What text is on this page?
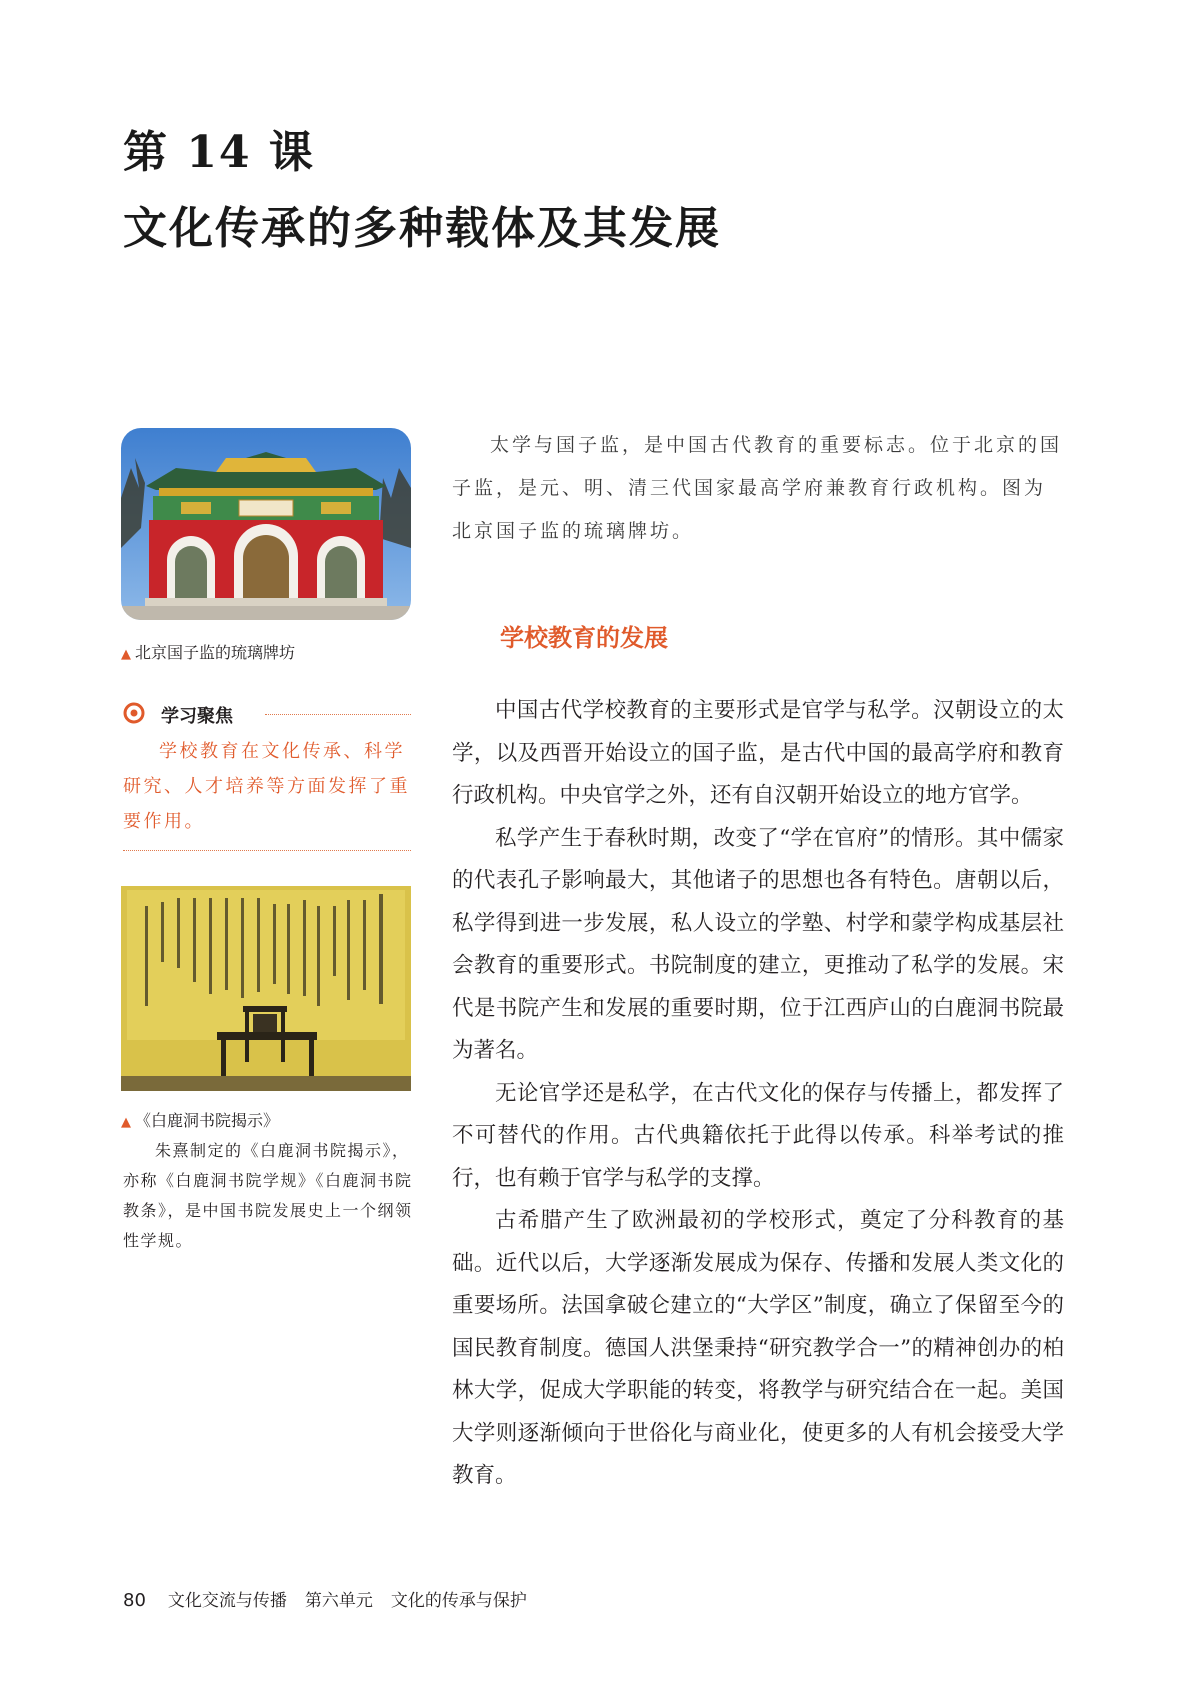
第 14 课
文化传承的多种载体及其发展
▲ 北京国子监的琉璃牌坊
学习聚焦

学校教育在文化传承、科学研究、人才培养等方面发挥了重要作用。

▲ 《白鹿洞书院揭示》

朱熹制定的《白鹿洞书院揭示》，亦称《白鹿洞书院学规》《白鹿洞书院教条》，是中国书院发展史上一个纲领性学规。

太学与国子监，是中国古代教育的重要标志。位于北京的国子监，是元、明、清三代国家最高学府兼教育行政机构。图为北京国子监的琉璃牌坊。

学校教育的发展

中国古代学校教育的主要形式是官学与私学。汉朝设立的太学，以及西晋开始设立的国子监，是古代中国的最高学府和教育行政机构。中央官学之外，还有自汉朝开始设立的地方官学。

私学产生于春秋时期，改变了“学在官府”的情形。其中儒家的代表孔子影响最大，其他诸子的思想也各有特色。唐朝以后，私学得到进一步发展，私人设立的学塾、村学和蒙学构成基层社会教育的重要形式。书院制度的建立，更推动了私学的发展。宋代是书院产生和发展的重要时期，位于江西庐山的白鹿洞书院最为著名。

无论官学还是私学，在古代文化的保存与传播上，都发挥了不可替代的作用。古代典籍依托于此得以传承。科举考试的推行，也有赖于官学与私学的支撑。

古希腊产生了欧洲最初的学校形式，奠定了分科教育的基础。近代以后，大学逐渐发展成为保存、传播和发展人类文化的重要场所。法国拿破仑建立的“大学区”制度，确立了保留至今的国民教育制度。德国人洪堡秉持“研究教学合一”的精神创办的柏林大学，促成大学职能的转变，将教学与研究结合在一起。美国大学则逐渐倾向于世俗化与商业化，使更多的人有机会接受大学教育。

80 文化交流与传播 第六单元 文化的传承与保护
